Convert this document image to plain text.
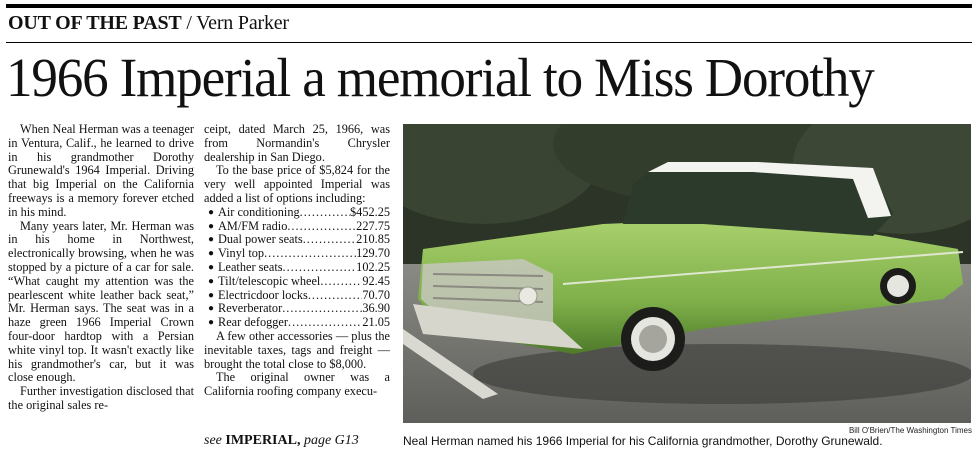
OUT OF THE PAST / Vern Parker
1966 Imperial a memorial to Miss Dorothy

When Neal Herman was a teenager in Ventura, Calif., he learned to drive in his grandmother Dorothy Grunewald's 1964 Imperial. Driving that big Imperial on the California freeways is a memory forever etched in his mind.

Many years later, Mr. Herman was in his home in Northwest, electronically browsing, when he was stopped by a picture of a car for sale. “What caught my attention was the pearlescent white leather back seat,” Mr. Herman says. The seat was in a haze green 1966 Imperial Crown four-door hardtop with a Persian white vinyl top. It wasn't exactly like his grandmother's car, but it was close enough.

Further investigation disclosed that the original sales re-

ceipt, dated March 25, 1966, was from Normandin's Chrysler dealership in San Diego.

To the base price of $5,824 for the very well appointed Imperial was added a list of options including:

● Air conditioning .....	$452.25
● AM/FM radio .....	227.75
● Dual power seats .....	210.85
● Vinyl top .....	129.70
● Leather seats .....	102.25
● Tilt/telescopic wheel .....	92.45
● Electricdoor locks .....	70.70
● Reverberator .....	36.90
● Rear defogger .....	21.05

A few other accessories — plus the inevitable taxes, tags and freight — brought the total close to $8,000.

The original owner was a California roofing company execu-

see IMPERIAL, page G13
Bill O'Brien/The Washington Times
Neal Herman named his 1966 Imperial for his California grandmother, Dorothy Grunewald.
